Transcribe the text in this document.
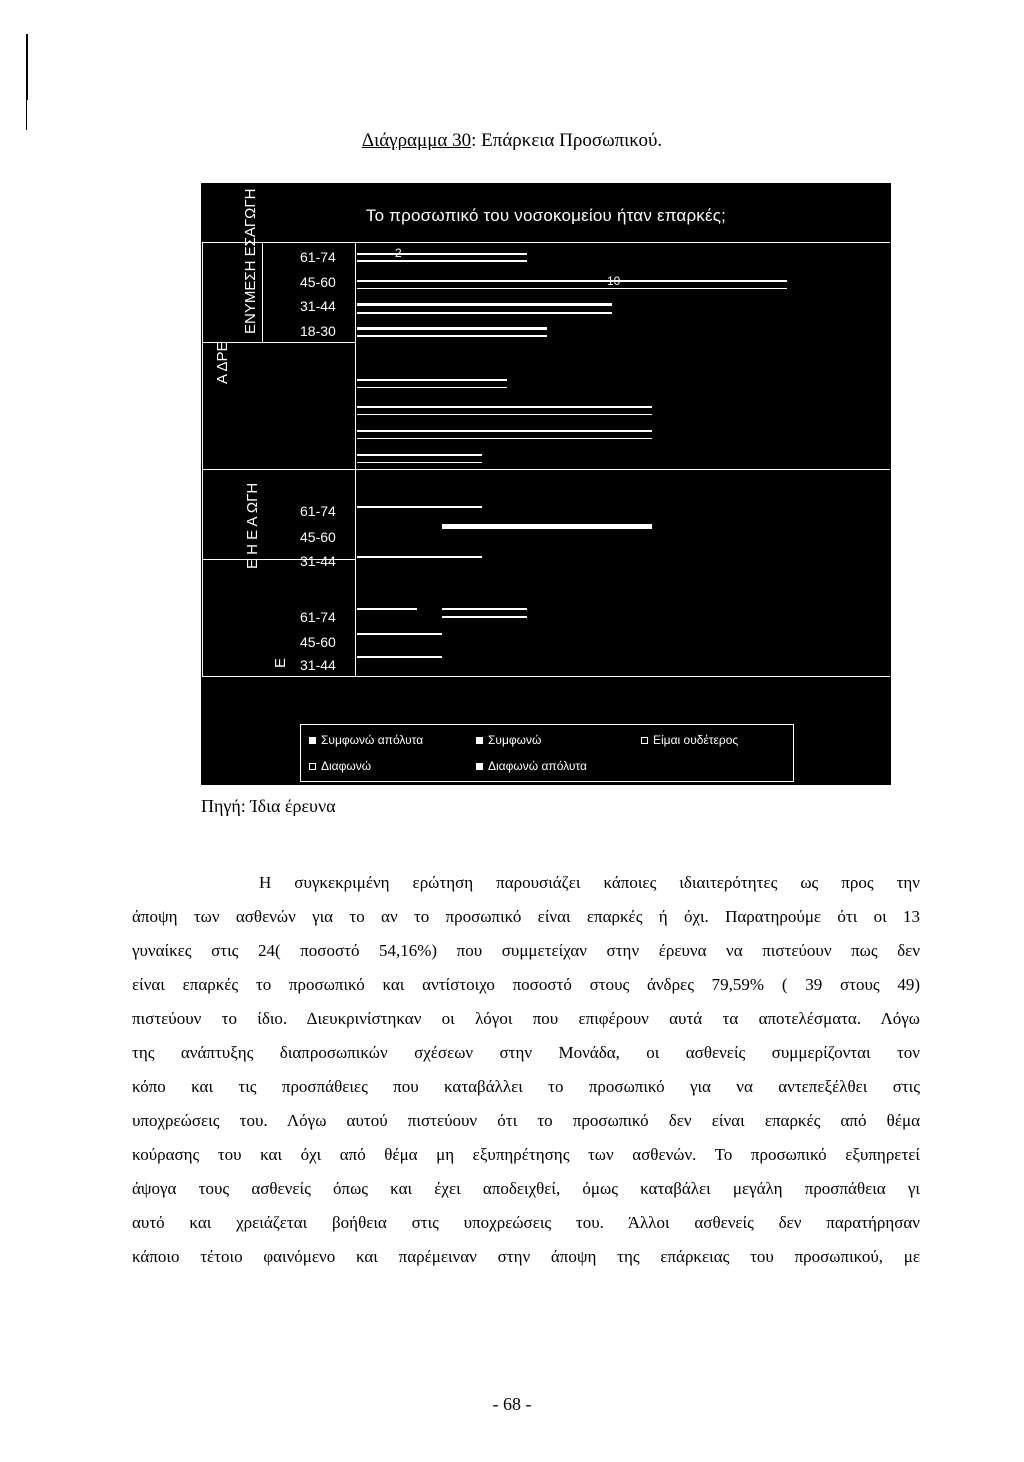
Διάγραμμα 30: Επάρκεια Προσωπικού.
Το προσωπικό του νοσοκομείου ήταν επαρκές;
Α ΔΡΕ
ΕΝΥΜΕΣΗ ΕΣΑΓΩΓΗ
Ε Η Ε Α ΩΓΗ
Ε
61-74
45-60
31-44
18-30
61-74
45-60
31-44
61-74
45-60
31-44
2
10
Συμφωνώ απόλυτα	Συμφωνώ	Είμαι ουδέτερος
Διαφωνώ	Διαφωνώ απόλυτα
Πηγή: Ίδια έρευνα
Η συγκεκριμένη ερώτηση παρουσιάζει κάποιες ιδιαιτερότητες ως προς την
άποψη των ασθενών για το αν το προσωπικό είναι επαρκές ή όχι. Παρατηρούμε ότι οι 13
γυναίκες στις 24( ποσοστό 54,16%) που συμμετείχαν στην έρευνα να πιστεύουν πως δεν
είναι επαρκές το προσωπικό και αντίστοιχο ποσοστό στους άνδρες 79,59% ( 39 στους 49)
πιστεύουν το ίδιο. Διευκρινίστηκαν οι λόγοι που επιφέρουν αυτά τα αποτελέσματα. Λόγω
της ανάπτυξης διαπροσωπικών σχέσεων στην Μονάδα, οι ασθενείς συμμερίζονται τον
κόπο και τις προσπάθειες που καταβάλλει το προσωπικό για να αντεπεξέλθει στις
υποχρεώσεις του. Λόγω αυτού πιστεύουν ότι το προσωπικό δεν είναι επαρκές από θέμα
κούρασης του και όχι από θέμα μη εξυπηρέτησης των ασθενών. Το προσωπικό εξυπηρετεί
άψογα τους ασθενείς όπως και έχει αποδειχθεί, όμως καταβάλει μεγάλη προσπάθεια γι
αυτό και χρειάζεται βοήθεια στις υποχρεώσεις του. Άλλοι ασθενείς δεν παρατήρησαν
κάποιο τέτοιο φαινόμενο και παρέμειναν στην άποψη της επάρκειας του προσωπικού, με
- 68 -
